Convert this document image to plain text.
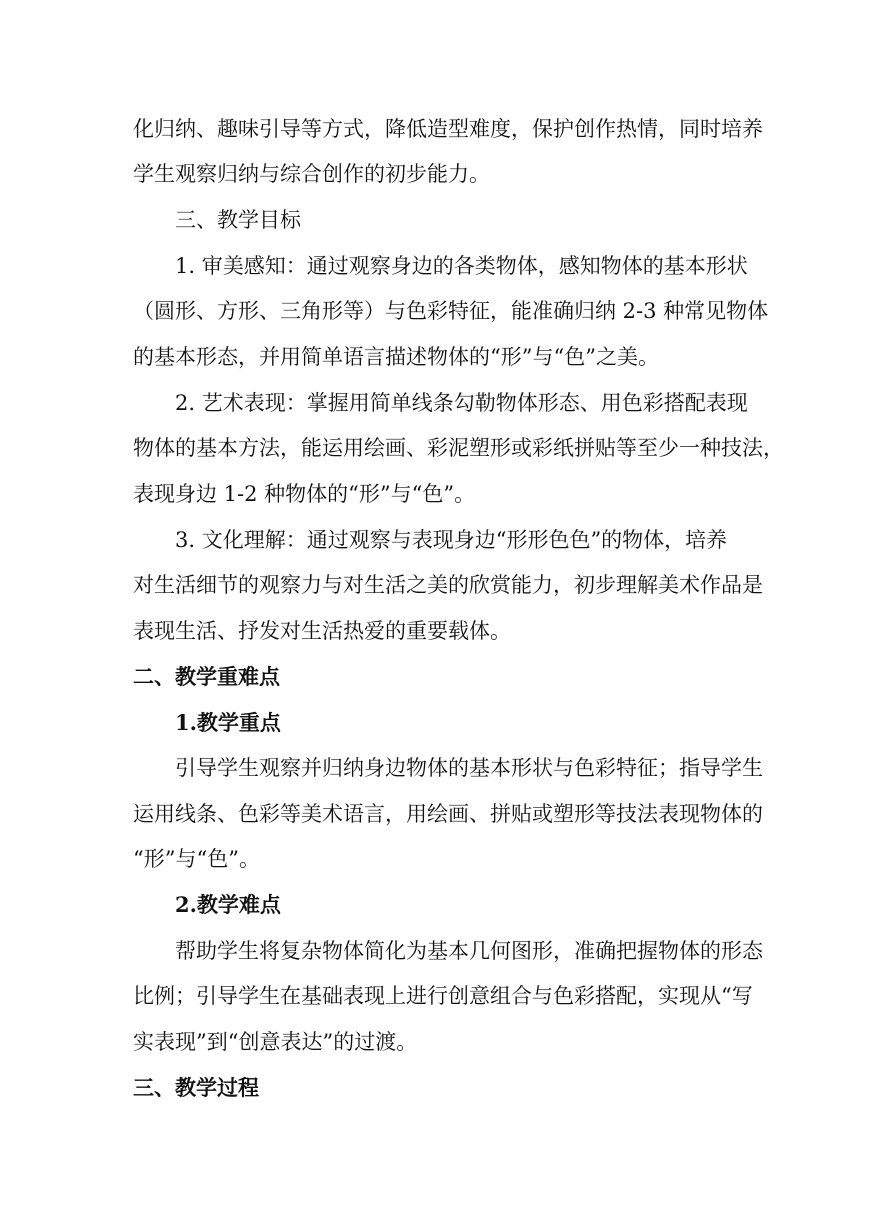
化归纳、趣味引导等方式，降低造型难度，保护创作热情，同时培养
学生观察归纳与综合创作的初步能力。
三、教学目标
1. 审美感知：通过观察身边的各类物体，感知物体的基本形状
（圆形、方形、三角形等）与色彩特征，能准确归纳 2-3 种常见物体
的基本形态，并用简单语言描述物体的“形”与“色”之美。
2. 艺术表现：掌握用简单线条勾勒物体形态、用色彩搭配表现
物体的基本方法，能运用绘画、彩泥塑形或彩纸拼贴等至少一种技法，
表现身边 1-2 种物体的“形”与“色”。
3. 文化理解：通过观察与表现身边“形形色色”的物体，培养
对生活细节的观察力与对生活之美的欣赏能力，初步理解美术作品是
表现生活、抒发对生活热爱的重要载体。
二、教学重难点
1.教学重点
引导学生观察并归纳身边物体的基本形状与色彩特征；指导学生
运用线条、色彩等美术语言，用绘画、拼贴或塑形等技法表现物体的
“形”与“色”。
2.教学难点
帮助学生将复杂物体简化为基本几何图形，准确把握物体的形态
比例；引导学生在基础表现上进行创意组合与色彩搭配，实现从“写
实表现”到“创意表达”的过渡。
三、教学过程
